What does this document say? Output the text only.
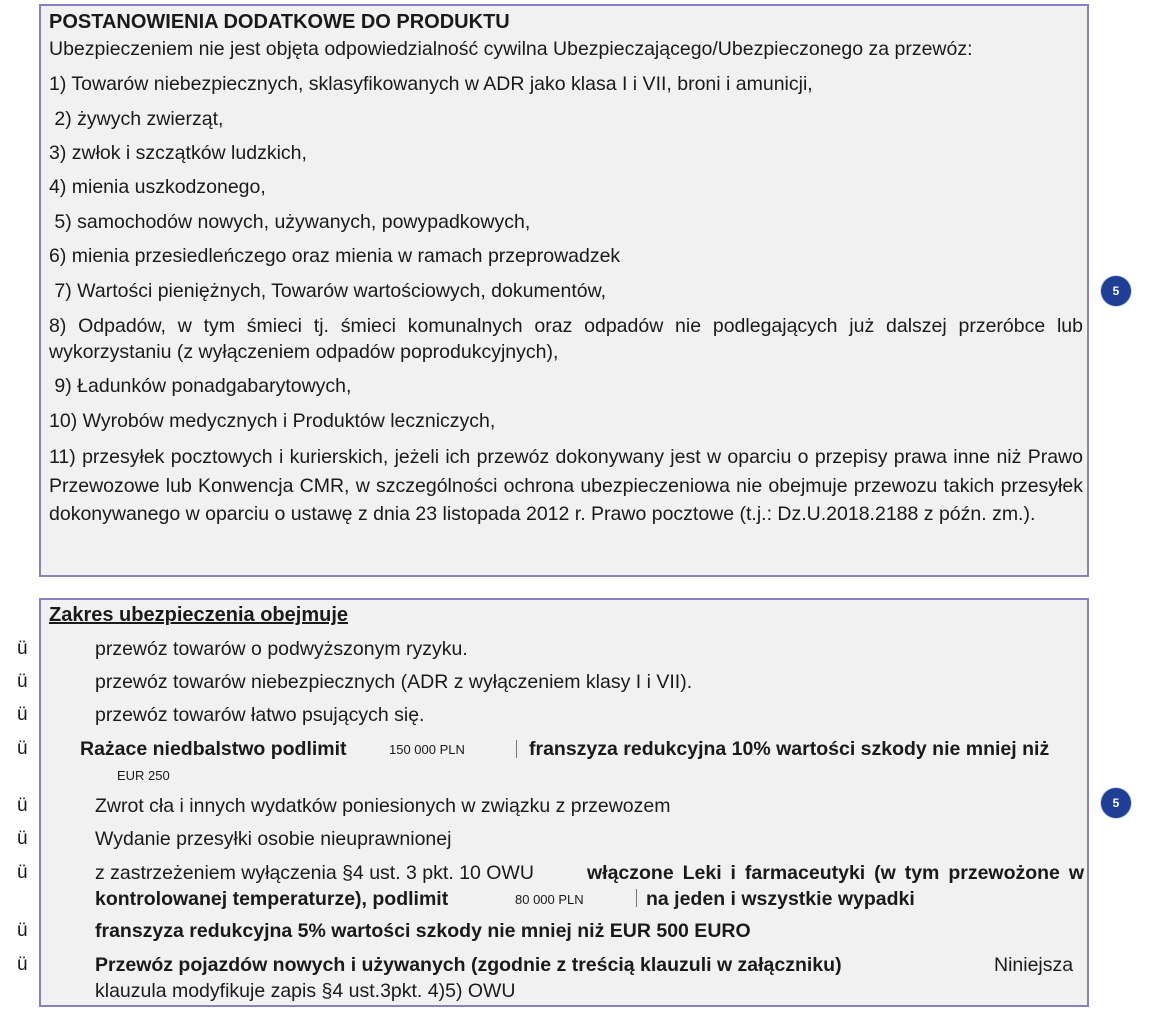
POSTANOWIENIA DODATKOWE DO PRODUKTU
Ubezpieczeniem nie jest objęta odpowiedzialność cywilna Ubezpieczającego/Ubezpieczonego za przewóz:
1) Towarów niebezpiecznych, sklasyfikowanych w ADR jako klasa I i VII, broni i amunicji,
2) żywych zwierząt,
3) zwłok i szczątków ludzkich,
4) mienia uszkodzonego,
5) samochodów nowych, używanych, powypadkowych,
6) mienia przesiedleńczego oraz mienia w ramach przeprowadzek
7) Wartości pieniężnych, Towarów wartościowych, dokumentów,
8) Odpadów, w tym śmieci tj. śmieci komunalnych oraz odpadów nie podlegających już dalszej przeróbce lub wykorzystaniu (z wyłączeniem odpadów poprodukcyjnych),
9) Ładunków ponadgabarytowych,
10) Wyrobów medycznych i Produktów leczniczych,
11) przesyłek pocztowych i kurierskich, jeżeli ich przewóz dokonywany jest w oparciu o przepisy prawa inne niż Prawo Przewozowe lub Konwencja CMR, w szczególności ochrona ubezpieczeniowa nie obejmuje przewozu takich przesyłek dokonywanego w oparciu o ustawę z dnia 23 listopada 2012 r. Prawo pocztowe (t.j.: Dz.U.2018.2188 z późn. zm.).
5
Zakres ubezpieczenia obejmuje
ü	przewóz towarów o podwyższonym ryzyku.
ü	przewóz towarów niebezpiecznych (ADR z wyłączeniem klasy I i VII).
ü	przewóz towarów łatwo psujących się.
ü	Rażace niedbalstwo podlimit	150 000 PLN	franszyza redukcyjna 10% wartości szkody nie mniej niż
EUR 250
ü	Zwrot cła i innych wydatków poniesionych w związku z przewozem
ü	Wydanie przesyłki osobie nieuprawnionej
ü	z zastrzeżeniem wyłączenia §4 ust. 3 pkt. 10 OWU	włączone Leki i farmaceutyki (w tym przewożone w kontrolowanej temperaturze), podlimit	80 000 PLN	na jeden i wszystkie wypadki
ü	franszyza redukcyjna 5% wartości szkody nie mniej niż EUR 500 EURO
ü	Przewóz pojazdów nowych i używanych (zgodnie z treścią klauzuli w załączniku)	Niniejsza klauzula modyfikuje zapis §4 ust.3pkt. 4)5) OWU
5
